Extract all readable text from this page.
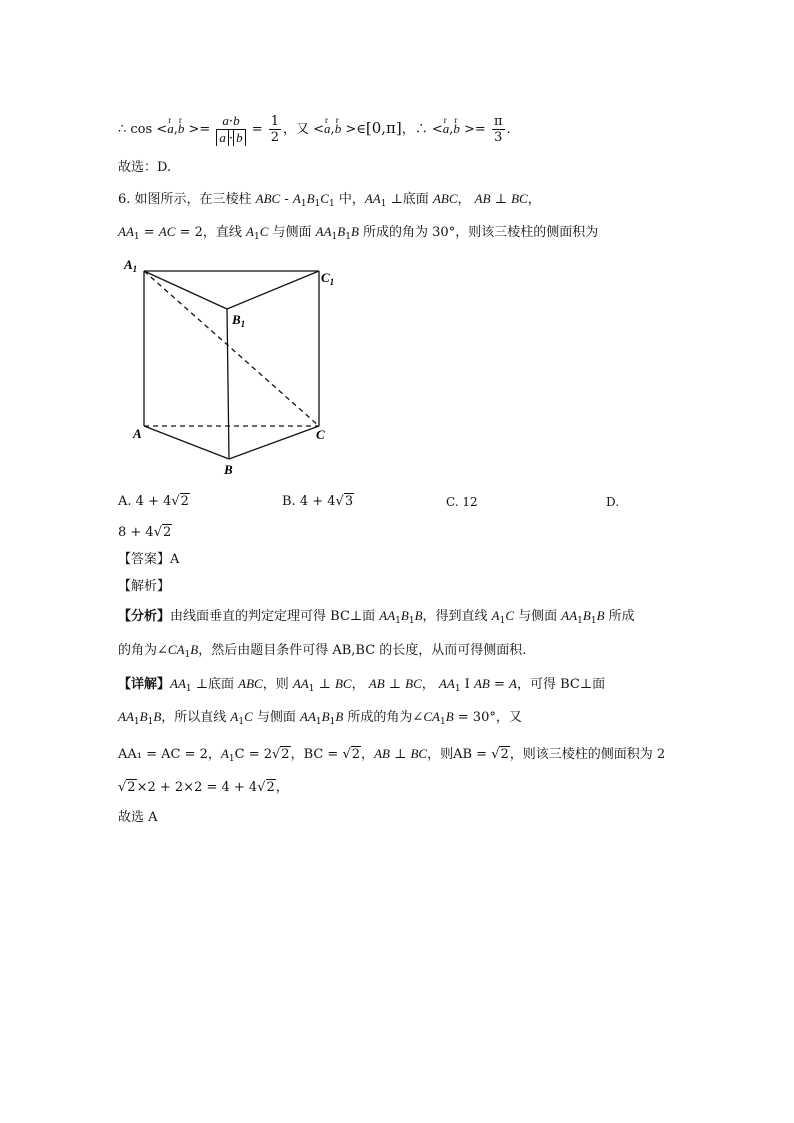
∴ cos <r a,r $b >= \frac{a\cdot b}{a \cdot b} = \frac{1}{2}$ ，又 <r a,r b >∈[0,π]，∴ <r a,r $b >= \frac{\pi}{3}$ .
故选：D.
6. 如图所示，在三棱柱 ABC - $A_1B_1C_1$ 中，$AA_1$ ⊥底面 ABC， AB ⊥ BC，
$AA_1$ = AC = 2，直线 $A_1C$ 与侧面 $AA_1B_1B$ 所成的角为 30°，则该三棱柱的侧面积为
$A_1$
$C_1$
$B_1$
A	C
B
A. 4 + 4√2	B. 4 + 4√3	C. 12	D.
8 + 4√2
【答案】A
【解析】
【分析】由线面垂直的判定定理可得 BC⊥面 $AA_1B_1B$，得到直线 $A_1C$ 与侧面 $AA_1B_1B$ 所成
的角为$\angle CA_1B$，然后由题目条件可得 AB,BC 的长度，从而可得侧面积.
【详解】$AA_1$ ⊥底面 ABC，则 $AA_1$ ⊥ BC， AB ⊥ BC， $AA_1$ I AB = A，可得 BC⊥面
$AA_1B_1B$，所以直线 $A_1C$ 与侧面 $AA_1B_1B$ 所成的角为$\angle CA_1B = 30^\circ$，又
AA₁ = AC = 2，$A_1C = 2√2$，BC = √2，AB ⊥ BC，则AB = √2，则该三棱柱的侧面积为 2
√2×2 + 2×2 = 4 + 4√2，
故选 A
